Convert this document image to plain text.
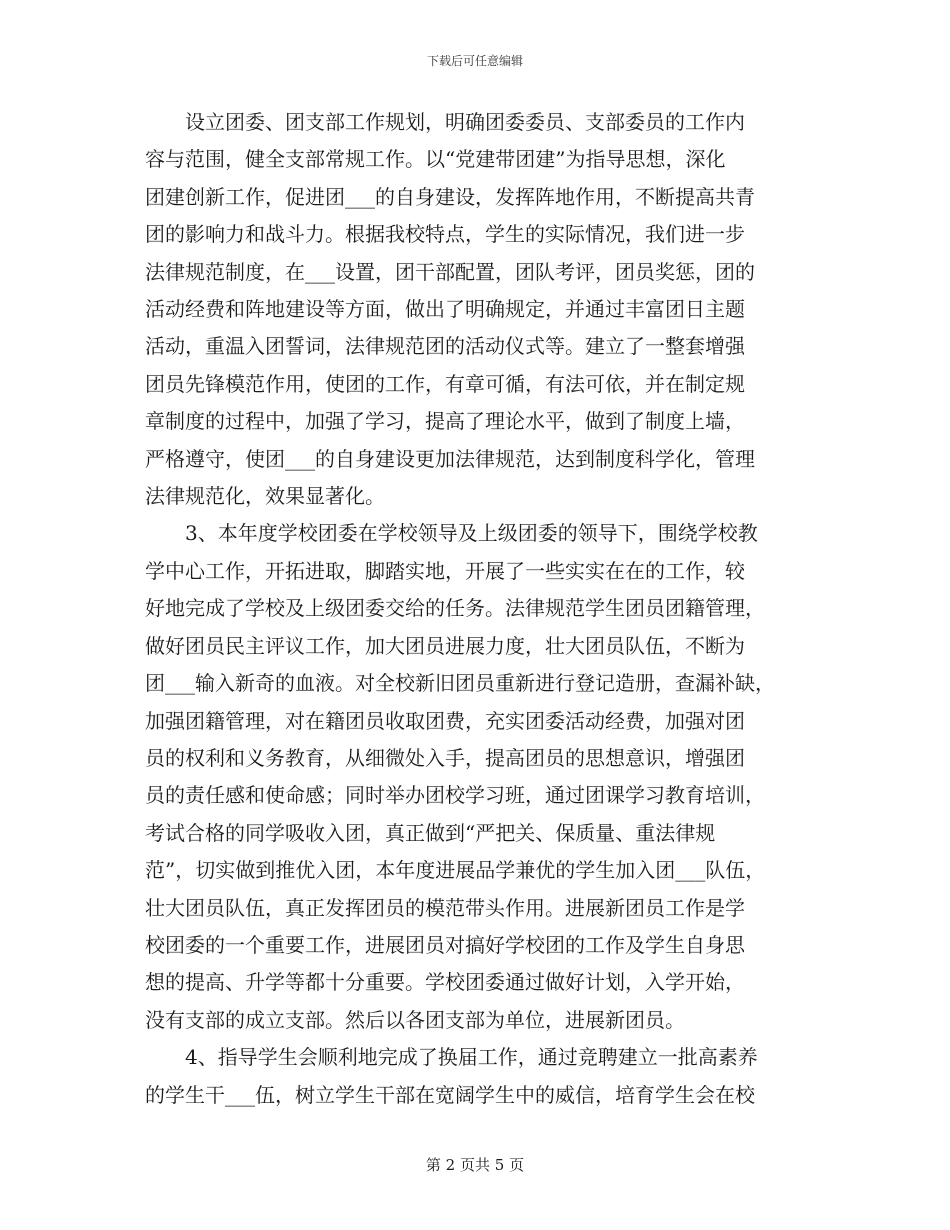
下载后可任意编辑

设立团委、团支部工作规划，明确团委委员、支部委员的工作内
容与范围，健全支部常规工作。以“党建带团建”为指导思想，深化
团建创新工作，促进团___的自身建设，发挥阵地作用，不断提高共青
团的影响力和战斗力。根据我校特点，学生的实际情况，我们进一步
法律规范制度，在___设置，团干部配置，团队考评，团员奖惩，团的
活动经费和阵地建设等方面，做出了明确规定，并通过丰富团日主题
活动，重温入团誓词，法律规范团的活动仪式等。建立了一整套增强
团员先锋模范作用，使团的工作，有章可循，有法可依，并在制定规
章制度的过程中，加强了学习，提高了理论水平，做到了制度上墙，
严格遵守，使团___的自身建设更加法律规范，达到制度科学化，管理
法律规范化，效果显著化。

3、本年度学校团委在学校领导及上级团委的领导下，围绕学校教
学中心工作，开拓进取，脚踏实地，开展了一些实实在在的工作，较
好地完成了学校及上级团委交给的任务。法律规范学生团员团籍管理，
做好团员民主评议工作，加大团员进展力度，壮大团员队伍，不断为
团___输入新奇的血液。对全校新旧团员重新进行登记造册，查漏补缺，
加强团籍管理，对在籍团员收取团费，充实团委活动经费，加强对团
员的权利和义务教育，从细微处入手，提高团员的思想意识，增强团
员的责任感和使命感；同时举办团校学习班，通过团课学习教育培训，
考试合格的同学吸收入团，真正做到“严把关、保质量、重法律规
范”，切实做到推优入团，本年度进展品学兼优的学生加入团___队伍，
壮大团员队伍，真正发挥团员的模范带头作用。进展新团员工作是学
校团委的一个重要工作，进展团员对搞好学校团的工作及学生自身思
想的提高、升学等都十分重要。学校团委通过做好计划，入学开始，
没有支部的成立支部。然后以各团支部为单位，进展新团员。

4、指导学生会顺利地完成了换届工作，通过竞聘建立一批高素养
的学生干___伍，树立学生干部在宽阔学生中的威信，培育学生会在校

第 2 页共 5 页
